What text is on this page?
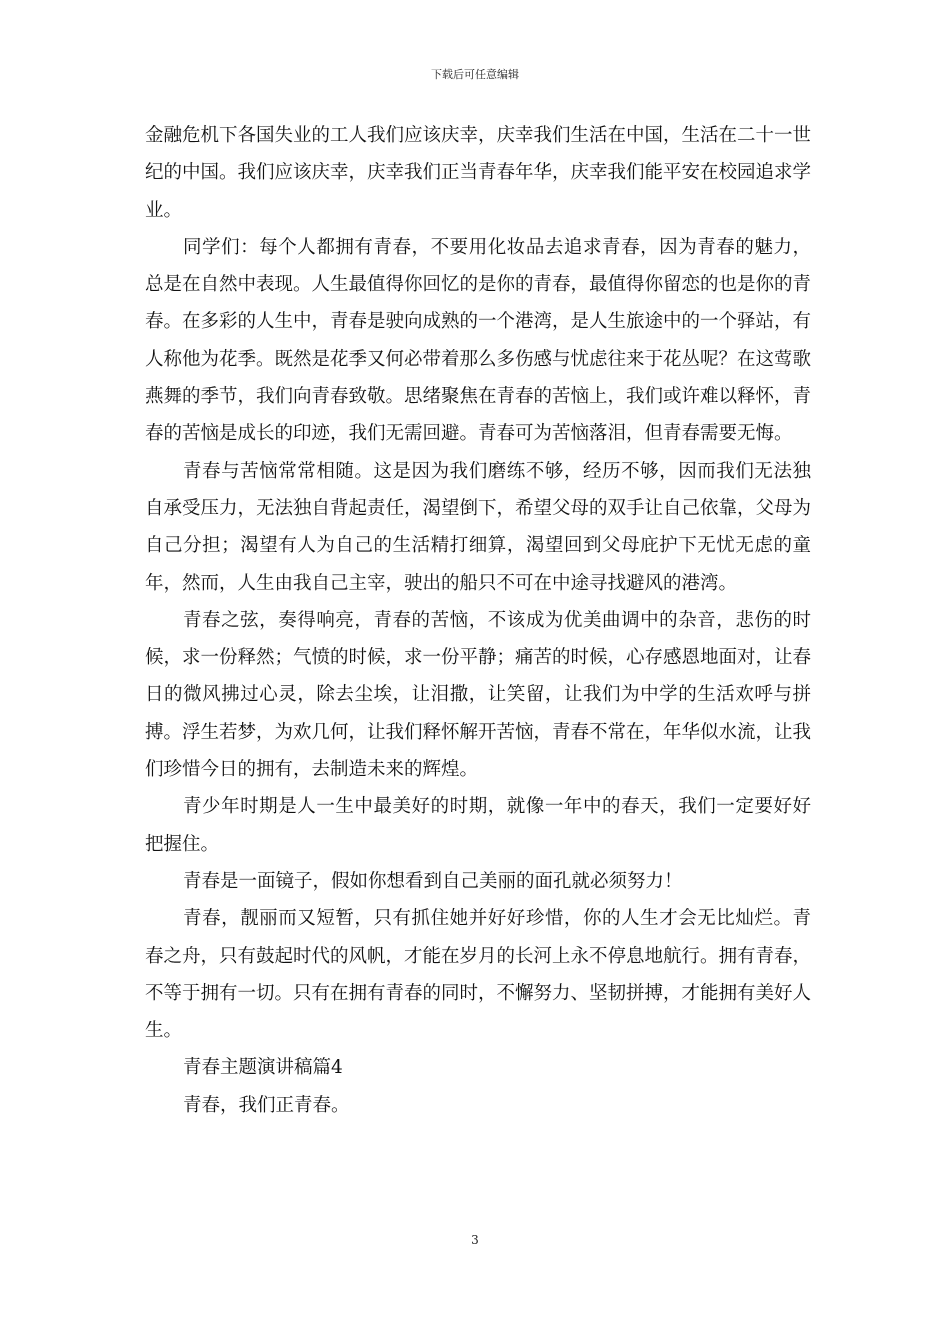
下载后可任意编辑

金融危机下各国失业的工人我们应该庆幸，庆幸我们生活在中国，生活在二十一世纪的中国。我们应该庆幸，庆幸我们正当青春年华，庆幸我们能平安在校园追求学业。

同学们：每个人都拥有青春，不要用化妆品去追求青春，因为青春的魅力，总是在自然中表现。人生最值得你回忆的是你的青春，最值得你留恋的也是你的青春。在多彩的人生中，青春是驶向成熟的一个港湾，是人生旅途中的一个驿站，有人称他为花季。既然是花季又何必带着那么多伤感与忧虑往来于花丛呢？在这莺歌燕舞的季节，我们向青春致敬。思绪聚焦在青春的苦恼上，我们或许难以释怀，青春的苦恼是成长的印迹，我们无需回避。青春可为苦恼落泪，但青春需要无悔。

青春与苦恼常常相随。这是因为我们磨练不够，经历不够，因而我们无法独自承受压力，无法独自背起责任，渴望倒下，希望父母的双手让自己依靠，父母为自己分担；渴望有人为自己的生活精打细算，渴望回到父母庇护下无忧无虑的童年，然而，人生由我自己主宰，驶出的船只不可在中途寻找避风的港湾。

青春之弦，奏得响亮，青春的苦恼，不该成为优美曲调中的杂音，悲伤的时候，求一份释然；气愤的时候，求一份平静；痛苦的时候，心存感恩地面对，让春日的微风拂过心灵，除去尘埃，让泪撒，让笑留，让我们为中学的生活欢呼与拼搏。浮生若梦，为欢几何，让我们释怀解开苦恼，青春不常在，年华似水流，让我们珍惜今日的拥有，去制造未来的辉煌。

青少年时期是人一生中最美好的时期，就像一年中的春天，我们一定要好好把握住。

青春是一面镜子，假如你想看到自己美丽的面孔就必须努力！

青春，靓丽而又短暂，只有抓住她并好好珍惜，你的人生才会无比灿烂。青春之舟，只有鼓起时代的风帆，才能在岁月的长河上永不停息地航行。拥有青春，不等于拥有一切。只有在拥有青春的同时，不懈努力、坚韧拼搏，才能拥有美好人生。

青春主题演讲稿篇4

青春，我们正青春。

3
